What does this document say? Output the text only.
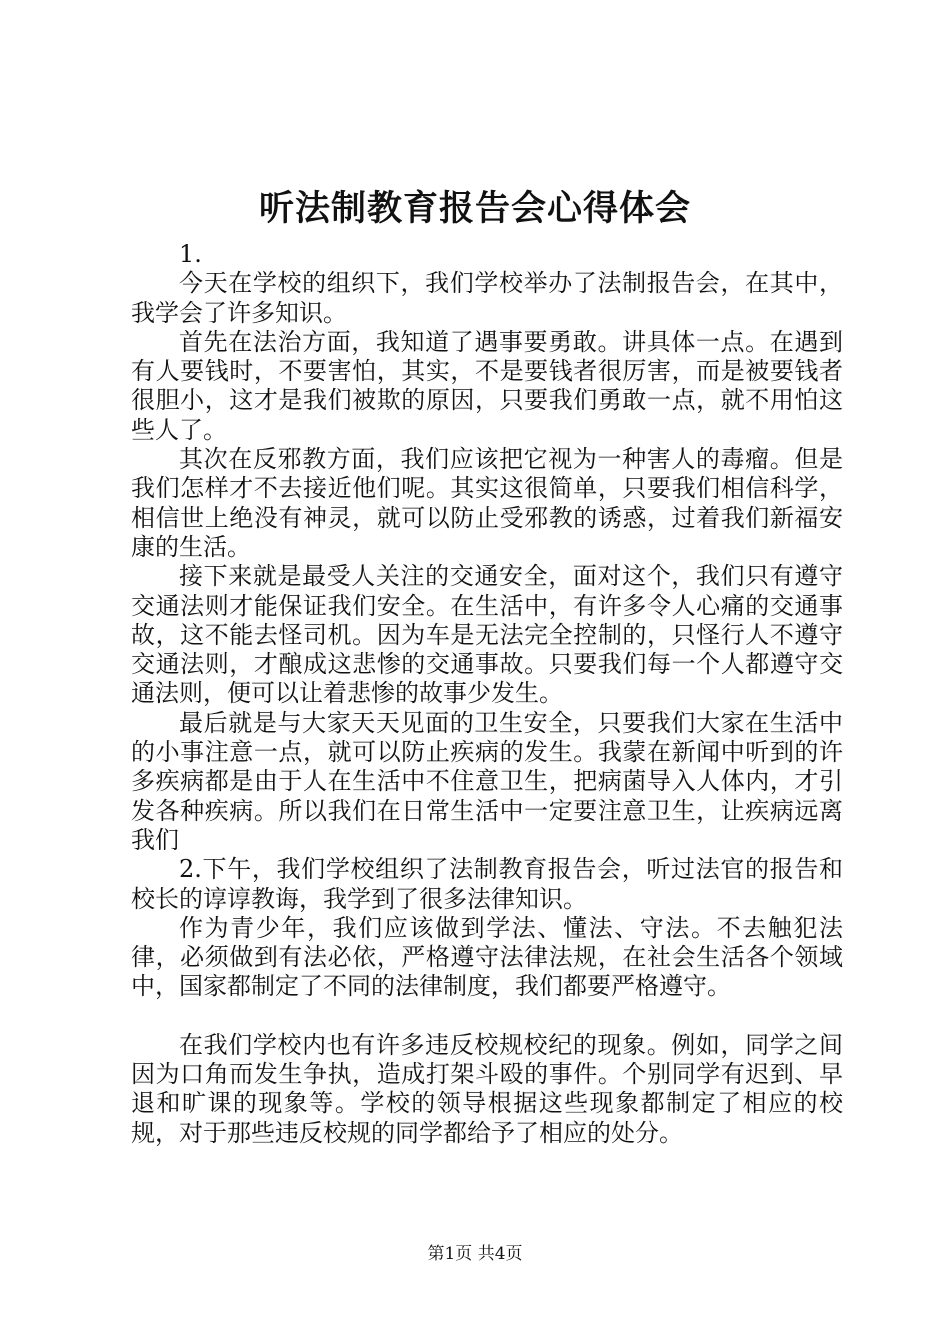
听法制教育报告会心得体会

1.

今天在学校的组织下，我们学校举办了法制报告会，在其中，我学会了许多知识。

首先在法治方面，我知道了遇事要勇敢。讲具体一点。在遇到有人要钱时，不要害怕，其实，不是要钱者很厉害，而是被要钱者很胆小，这才是我们被欺的原因，只要我们勇敢一点，就不用怕这些人了。

其次在反邪教方面，我们应该把它视为一种害人的毒瘤。但是我们怎样才不去接近他们呢。其实这很简单，只要我们相信科学，相信世上绝没有神灵，就可以防止受邪教的诱惑，过着我们新福安康的生活。

接下来就是最受人关注的交通安全，面对这个，我们只有遵守交通法则才能保证我们安全。在生活中，有许多令人心痛的交通事故，这不能去怪司机。因为车是无法完全控制的，只怪行人不遵守交通法则，才酿成这悲惨的交通事故。只要我们每一个人都遵守交通法则，便可以让着悲惨的故事少发生。

最后就是与大家天天见面的卫生安全，只要我们大家在生活中的小事注意一点，就可以防止疾病的发生。我蒙在新闻中听到的许多疾病都是由于人在生活中不住意卫生，把病菌导入人体内，才引发各种疾病。所以我们在日常生活中一定要注意卫生，让疾病远离我们

2.下午，我们学校组织了法制教育报告会，听过法官的报告和校长的谆谆教诲，我学到了很多法律知识。

作为青少年，我们应该做到学法、懂法、守法。不去触犯法律，必须做到有法必依，严格遵守法律法规，在社会生活各个领域中，国家都制定了不同的法律制度，我们都要严格遵守。

在我们学校内也有许多违反校规校纪的现象。例如，同学之间因为口角而发生争执，造成打架斗殴的事件。个别同学有迟到、早退和旷课的现象等。学校的领导根据这些现象都制定了相应的校规，对于那些违反校规的同学都给予了相应的处分。

第1页 共4页
